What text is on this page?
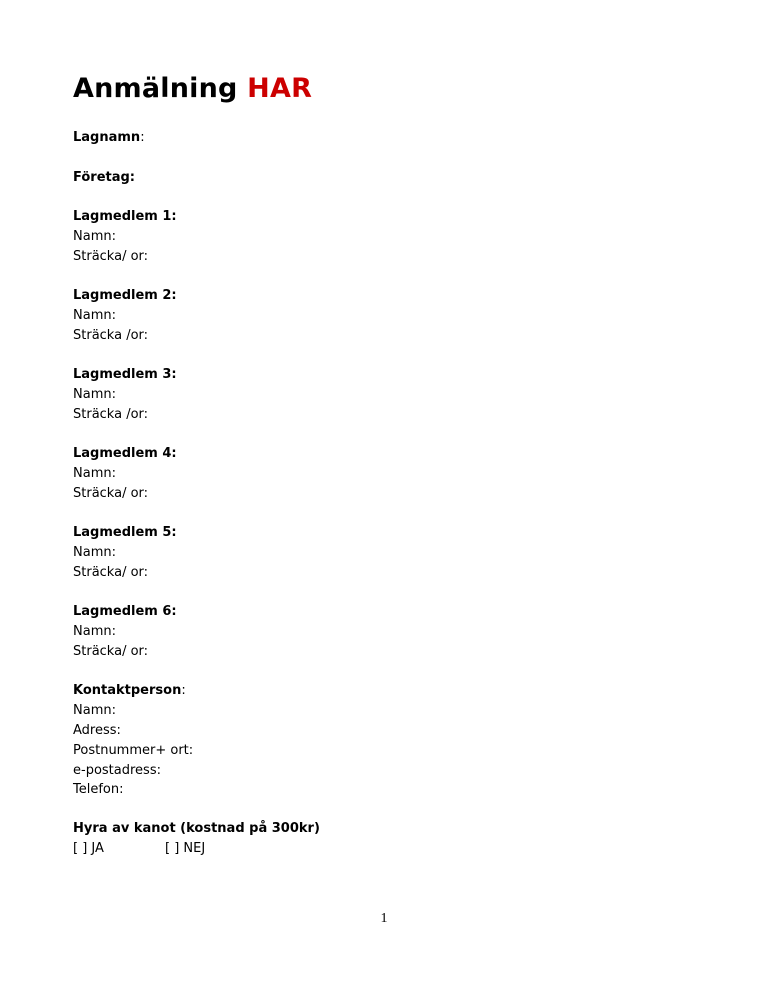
Anmälning HAR
Lagnamn:
Företag:
Lagmedlem 1:
Namn:
Sträcka/ or:
Lagmedlem 2:
Namn:
Sträcka /or:
Lagmedlem 3:
Namn:
Sträcka /or:
Lagmedlem 4:
Namn:
Sträcka/ or:
Lagmedlem 5:
Namn:
Sträcka/ or:
Lagmedlem 6:
Namn:
Sträcka/ or:
Kontaktperson:
Namn:
Adress:
Postnummer+ ort:
e-postadress:
Telefon:
Hyra av kanot (kostnad på 300kr)
[ ] JA	[ ] NEJ
1
